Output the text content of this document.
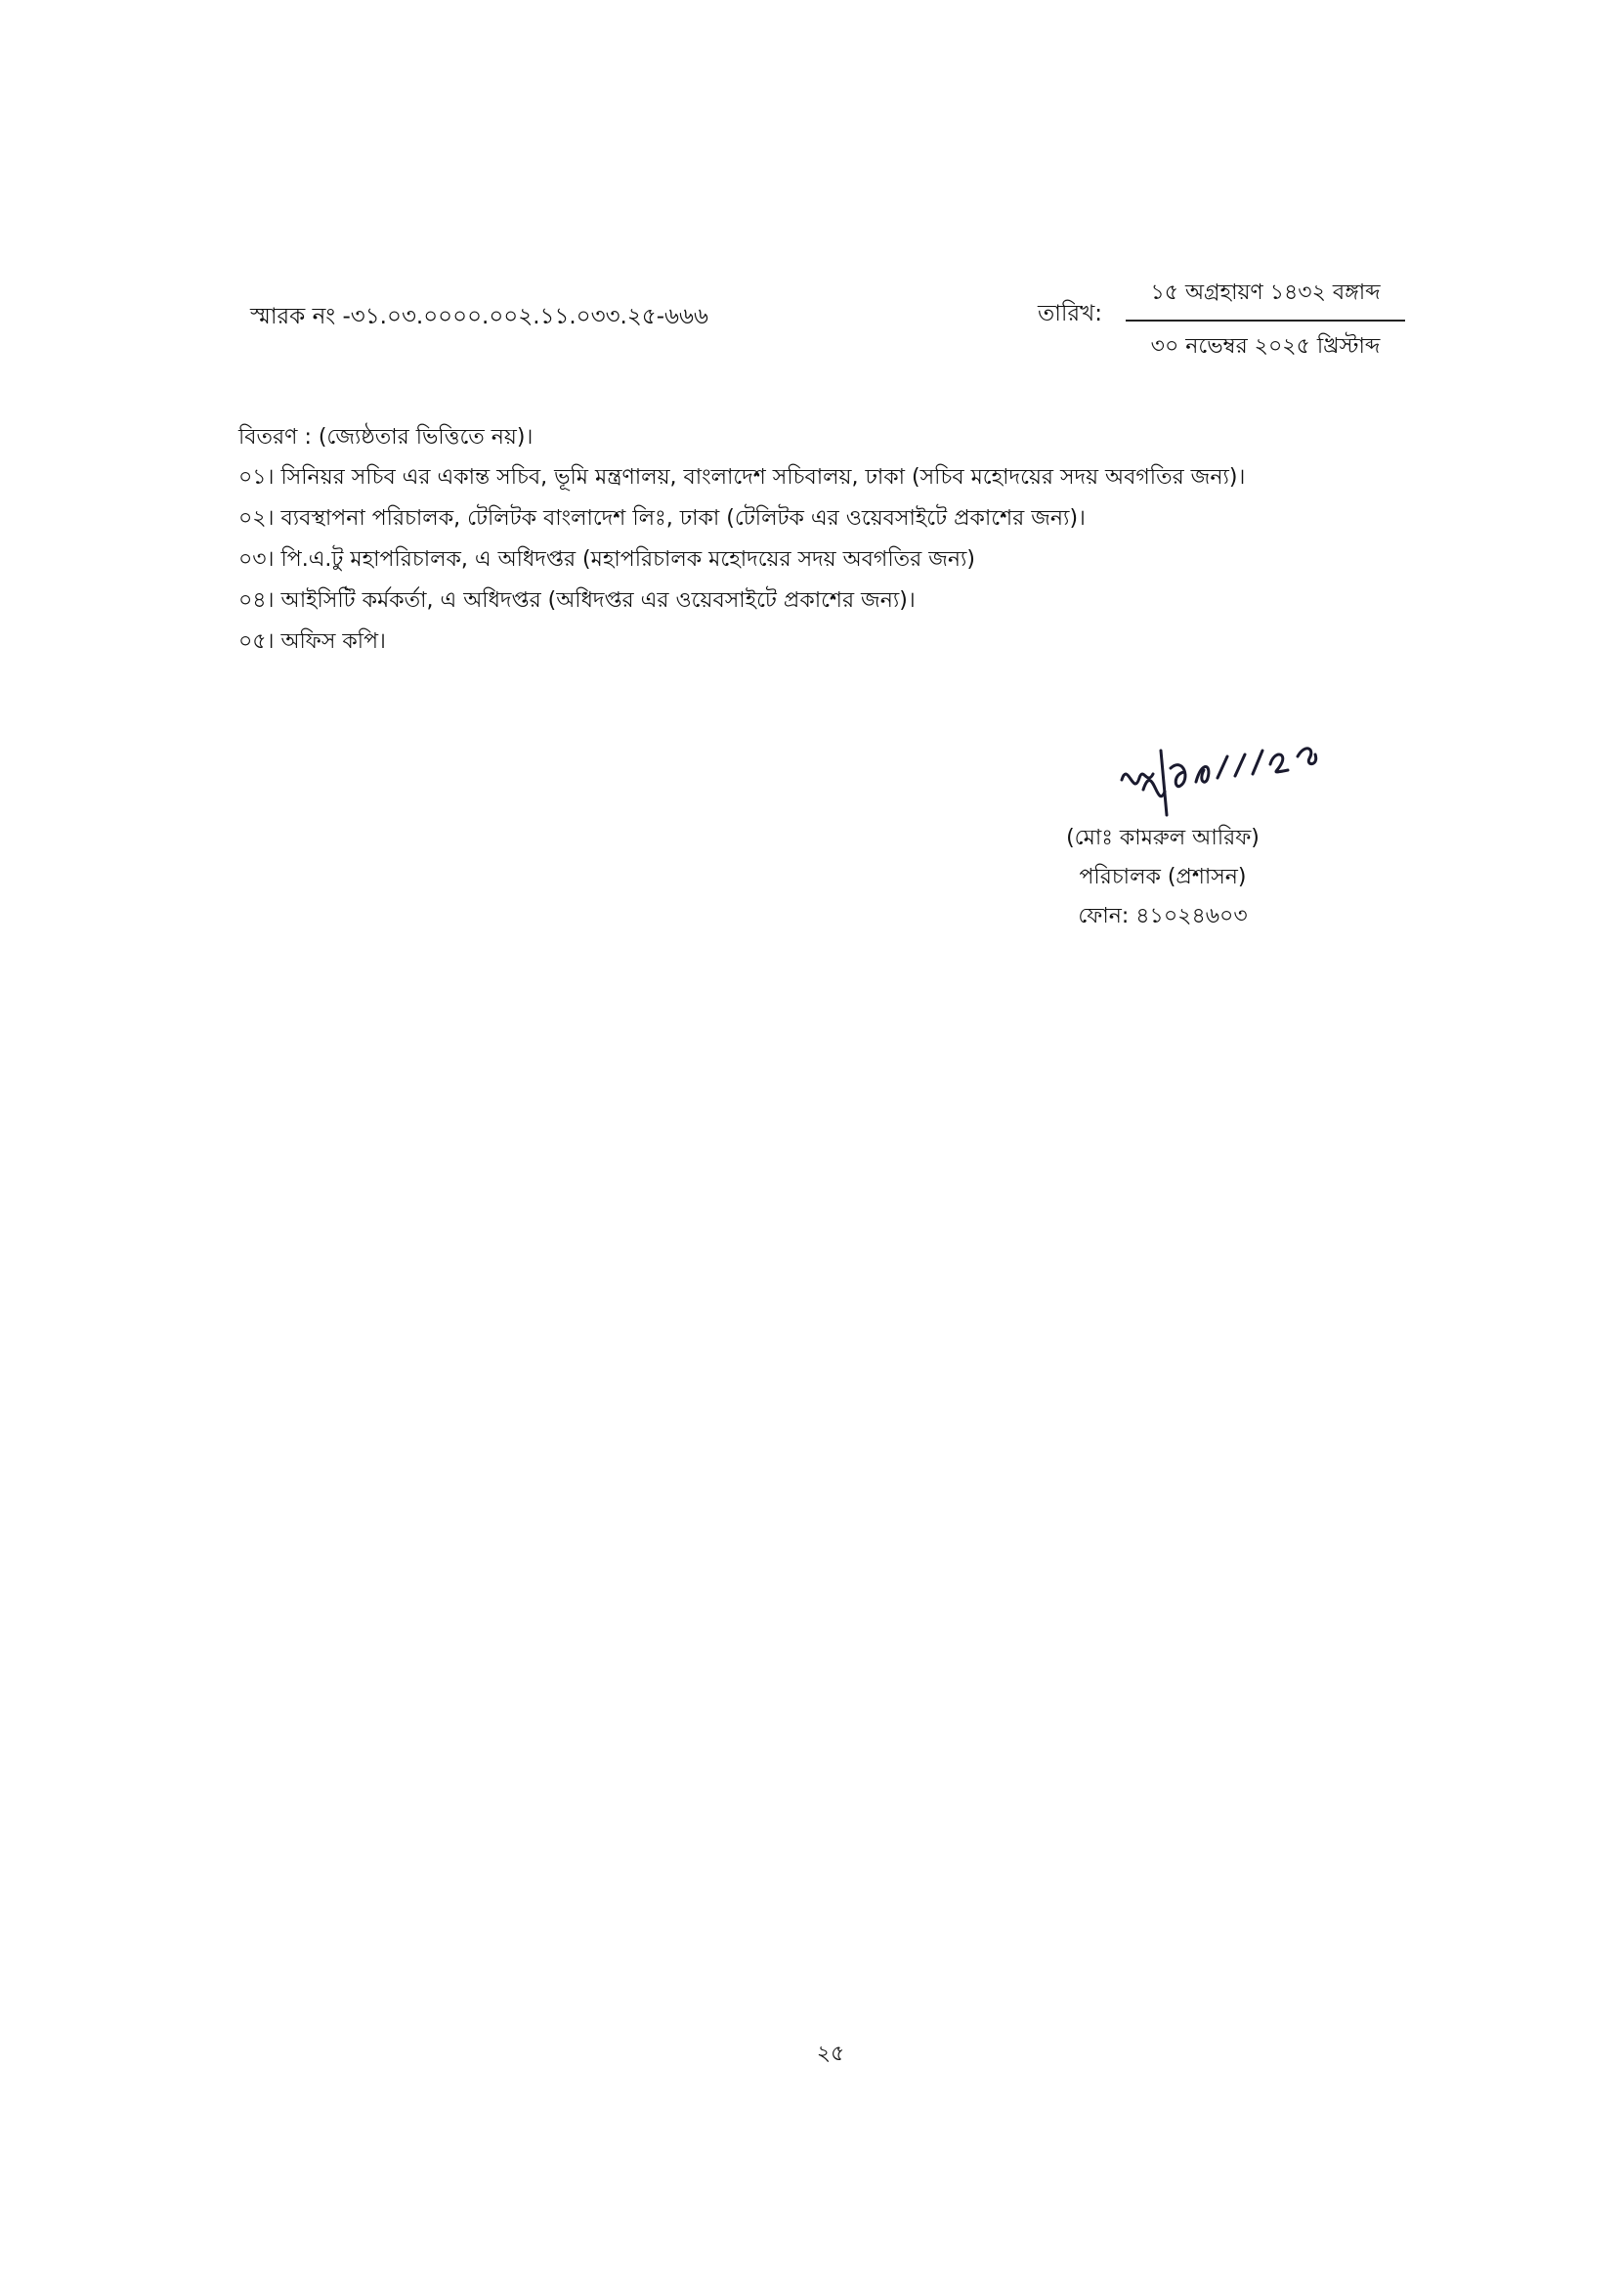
স্মারক নং -৩১.০৩.০০০০.০০২.১১.০৩৩.২৫-৬৬৬	তারিখ:
১৫ অগ্রহায়ণ ১৪৩২ বঙ্গাব্দ
৩০ নভেম্বর ২০২৫ খ্রিস্টাব্দ
বিতরণ : (জ্যেষ্ঠতার ভিত্তিতে নয়)।
০১। সিনিয়র সচিব এর একান্ত সচিব, ভূমি মন্ত্রণালয়, বাংলাদেশ সচিবালয়, ঢাকা (সচিব মহোদয়ের সদয় অবগতির জন্য)।
০২। ব্যবস্থাপনা পরিচালক, টেলিটক বাংলাদেশ লিঃ, ঢাকা (টেলিটক এর ওয়েবসাইটে প্রকাশের জন্য)।
০৩। পি.এ.টু মহাপরিচালক, এ অধিদপ্তর (মহাপরিচালক মহোদয়ের সদয় অবগতির জন্য)
০৪। আইসিটি কর্মকর্তা, এ অধিদপ্তর (অধিদপ্তর এর ওয়েবসাইটে প্রকাশের জন্য)।
০৫। অফিস কপি।
(মোঃ কামরুল আরিফ)
পরিচালক (প্রশাসন)
ফোন: ৪১০২৪৬০৩
২৫
